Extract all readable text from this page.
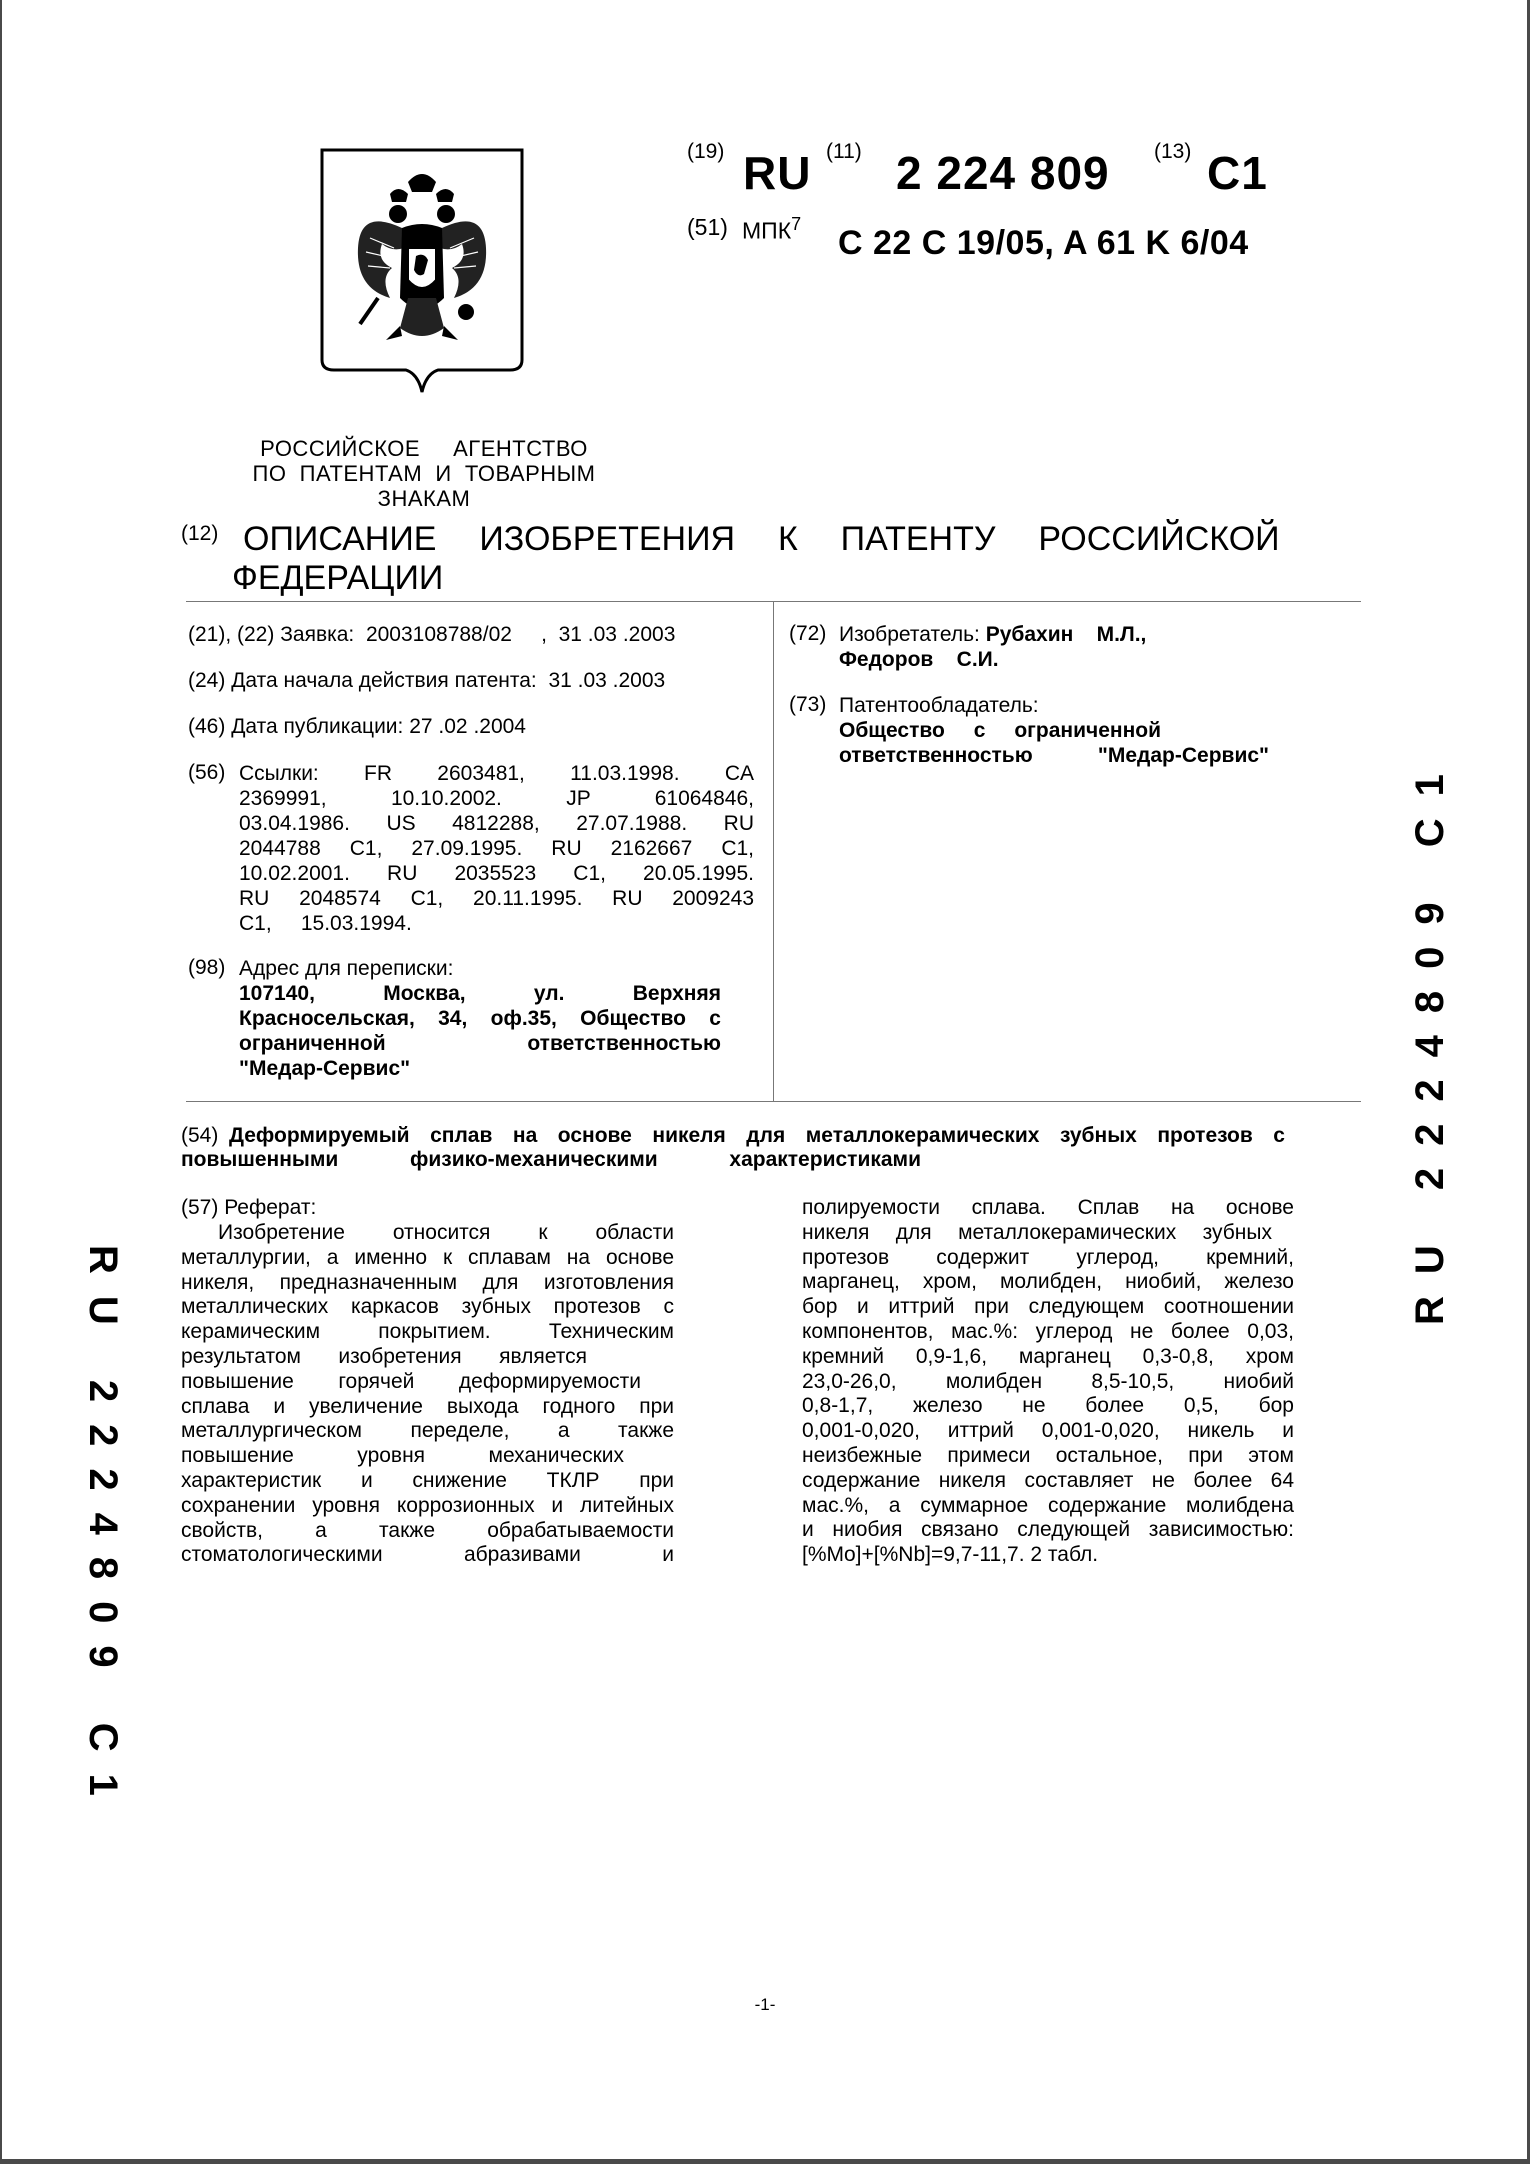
РОССИЙСКОЕ     АГЕНТСТВО
ПО  ПАТЕНТАМ  И  ТОВАРНЫМ
ЗНАКАМ
(19) RU (11) 2 224 809 (13) C1
(51) МПК$^7$ C 22 C 19/05, A 61 K 6/04
(12) ОПИСАНИЕ  ИЗОБРЕТЕНИЯ  К  ПАТЕНТУ  РОССИЙСКОЙ
ФЕДЕРАЦИИ
(21), (22) Заявка: 2003108788/02     ,  31 .03 .2003
(24) Дата начала действия патента: 31 .03 .2003
(46) Дата публикации: 27 .02 .2004
(56) Ссылки: FR 2603481, 11.03.1998. CA
2369991, 10.10.2002. JP 61064846,
03.04.1986. US 4812288, 27.07.1988. RU
2044788 C1, 27.09.1995. RU 2162667 C1,
10.02.2001. RU 2035523 C1, 20.05.1995.
RU 2048574 C1, 20.11.1995. RU 2009243
C1,     15.03.1994.
(98) Адрес для переписки:
107140, Москва, ул. Верхняя
Красносельская, 34, оф.35, Общество с
ограниченной ответственностью
"Медар-Сервис"
(72) Изобретатель: Рубахин    М.Л.,
Федоров    С.И.
(73) Патентообладатель:
Общество с ограниченной
ответственностью "Медар-Сервис"
(54) Деформируемый сплав на основе никеля для металлокерамических зубных протезов с
повышенными физико-механическими характеристиками
(57) Реферат:

Изобретение относится к области

металлургии, а именно к сплавам на основе

никеля, предназначенным для изготовления

металлических каркасов зубных протезов с

керамическим покрытием. Техническим

результатом изобретения является

повышение горячей деформируемости

сплава и увеличение выхода годного при

металлургическом переделе, а также

повышение уровня механических

характеристик и снижение ТКЛР при

сохранении уровня коррозионных и литейных

свойств, а также обрабатываемости

стоматологическими абразивами и

полируемости сплава. Сплав на основе

никеля для металлокерамических зубных

протезов содержит углерод, кремний,

марганец, хром, молибден, ниобий, железо

бор и иттрий при следующем соотношении

компонентов, мас.%: углерод не более 0,03,

кремний 0,9-1,6, марганец 0,3-0,8, хром

23,0-26,0, молибден 8,5-10,5, ниобий

0,8-1,7, железо не более 0,5, бор

0,001-0,020, иттрий 0,001-0,020, никель и

неизбежные примеси остальное, при этом

содержание никеля составляет не более 64

мас.%, а суммарное содержание молибдена

и ниобия связано следующей зависимостью:

[%Mo]+[%Nb]=9,7-11,7. 2 табл.

RU 2224809 C1
RU 2224809 C1
-1-
